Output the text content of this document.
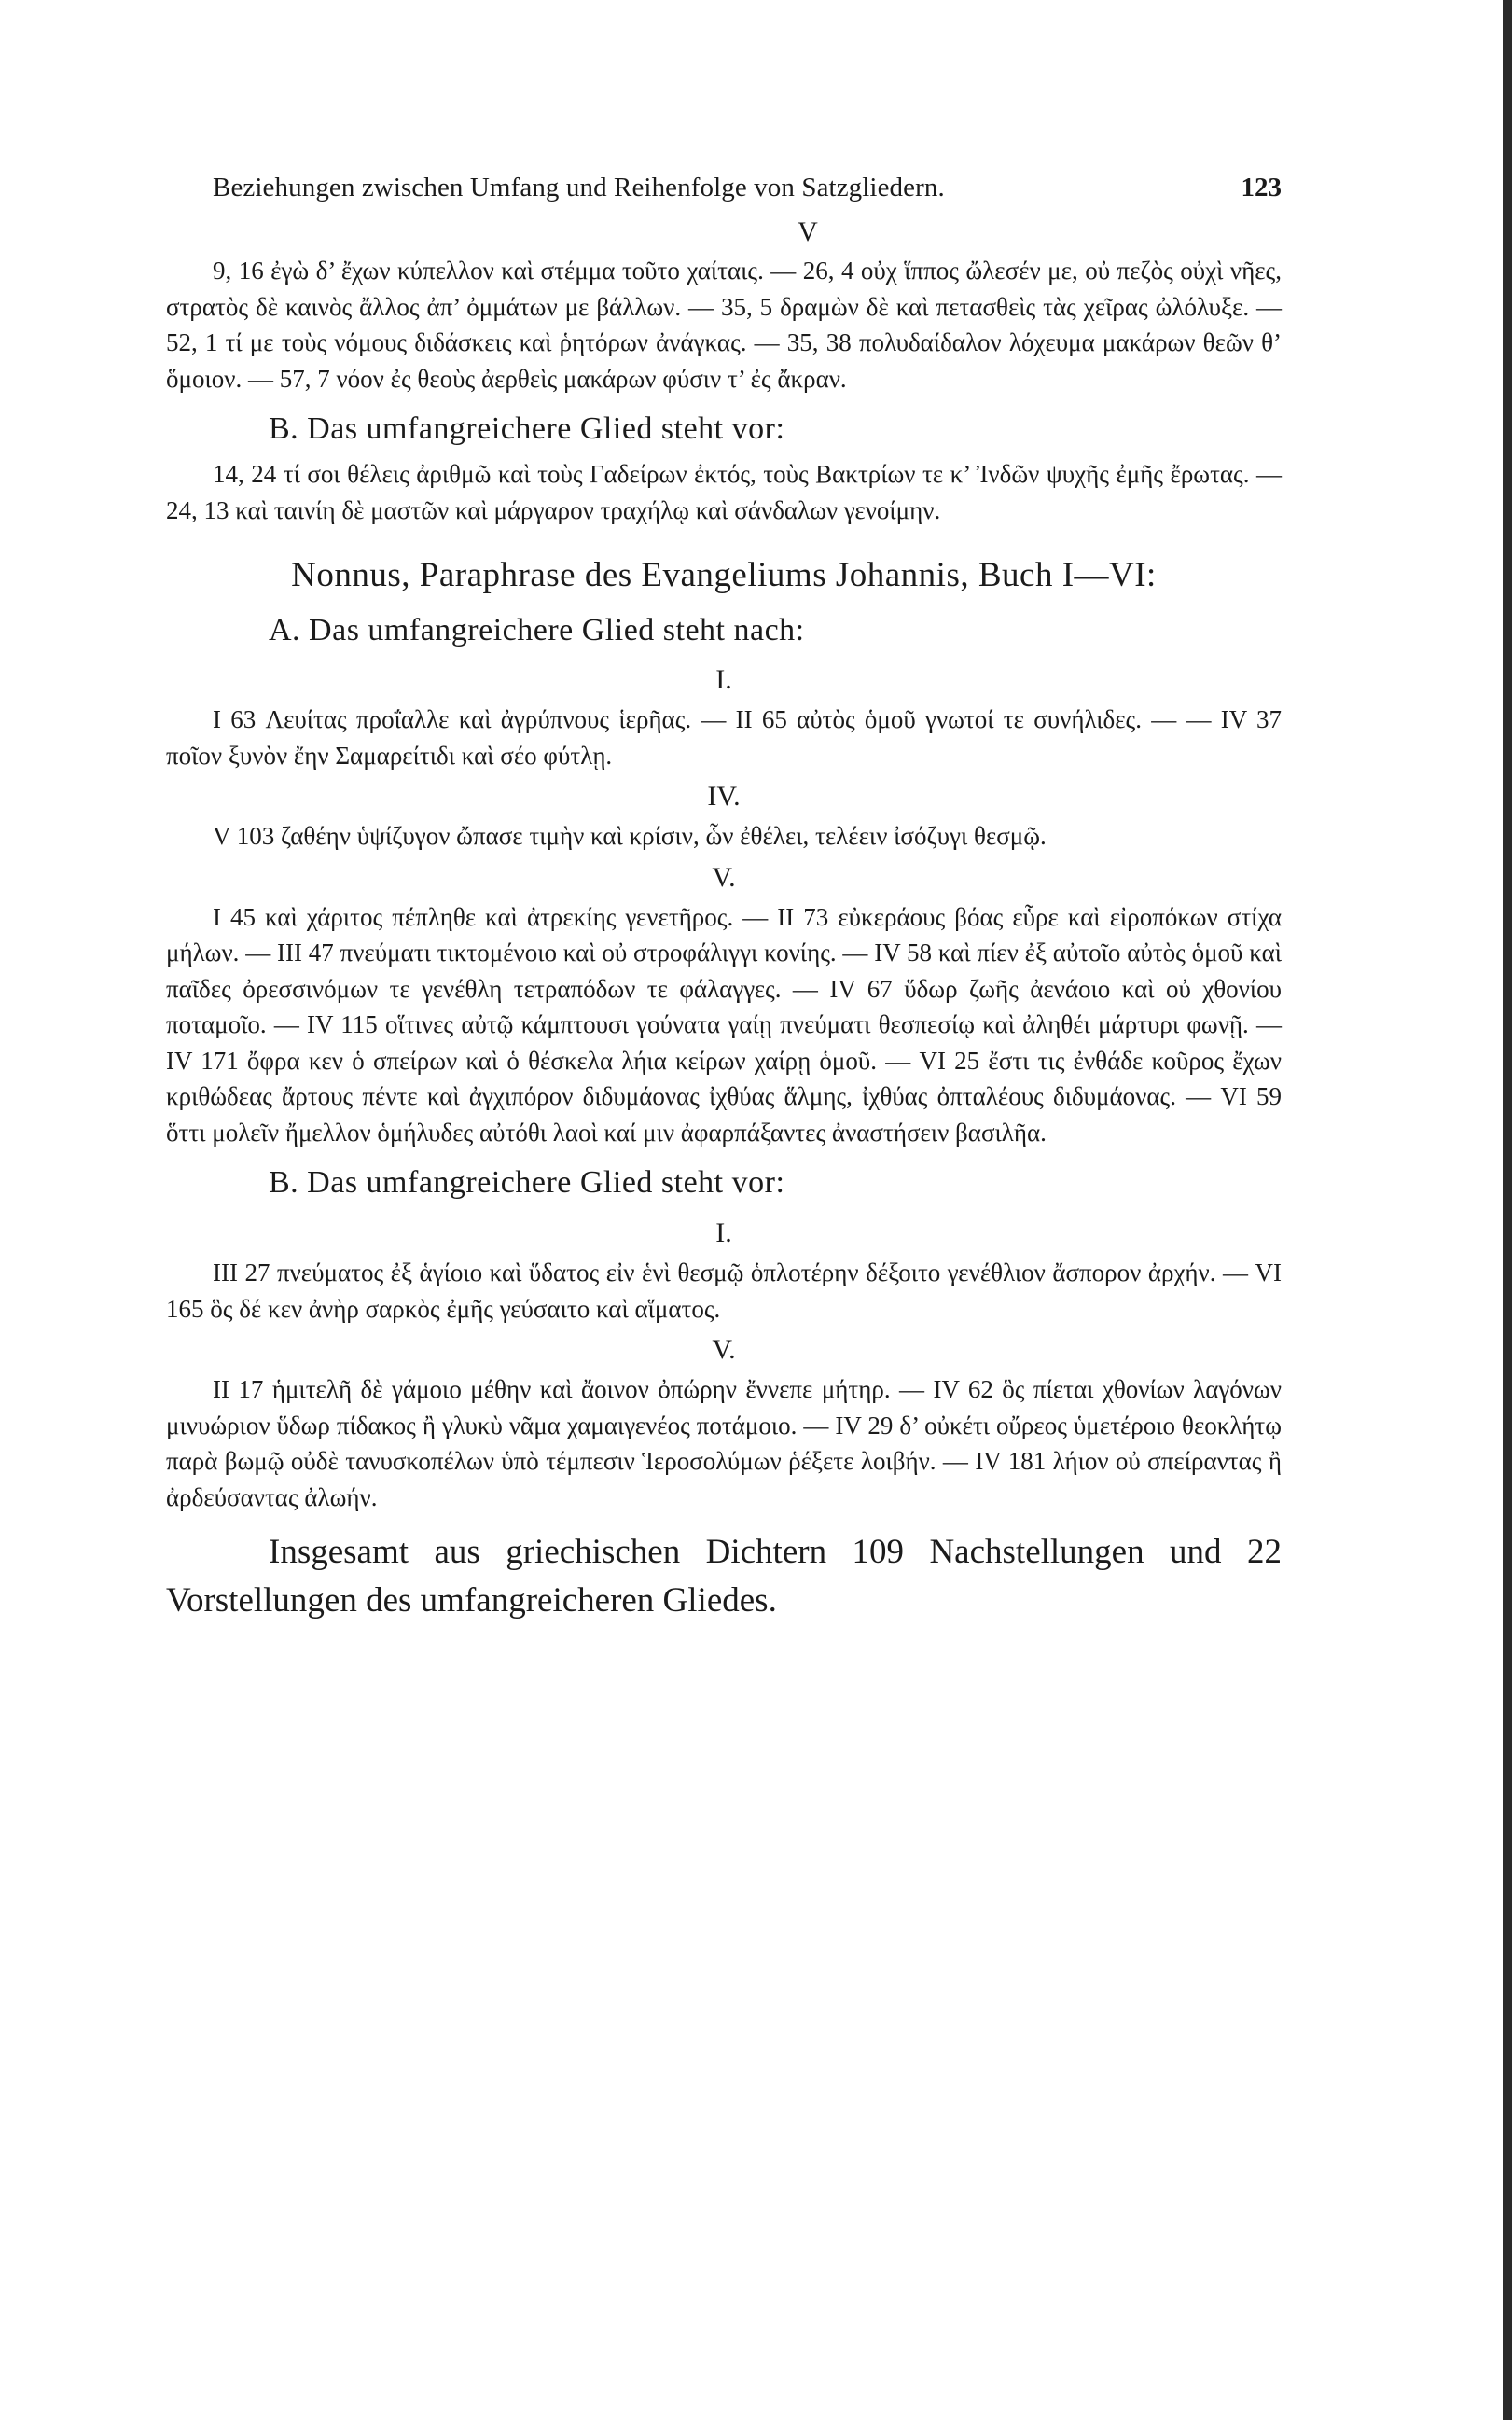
Beziehungen zwischen Umfang und Reihenfolge von Satzgliedern.	123
V

9, 16 ἐγὼ δ’ ἔχων κύπελλον καὶ στέμμα τοῦτο χαίταις. — 26, 4 οὐχ ἵππος ὤλεσέν με, οὐ πεζὸς οὐχὶ νῆες, στρατὸς δὲ καινὸς ἄλλος ἀπ’ ὀμμάτων με βάλλων. — 35, 5 δραμὼν δὲ καὶ πετασθεὶς τὰς χεῖρας ὠλόλυξε. — 52, 1 τί με τοὺς νόμους διδάσκεις καὶ ῥητόρων ἀνάγκας. — 35, 38 πολυδαίδαλον λόχευμα μακάρων θεῶν θ’ ὅμοιον. — 57, 7 νόον ἐς θεοὺς ἀερθεὶς μακάρων φύσιν τ’ ἐς ἄκραν.

B. Das umfangreichere Glied steht vor:

14, 24 τί σοι θέλεις ἀριθμῶ καὶ τοὺς Γαδείρων ἐκτός, τοὺς Βακτρίων τε κ’ Ἰνδῶν ψυχῆς ἐμῆς ἔρωτας. — 24, 13 καὶ ταινίη δὲ μαστῶν καὶ μάργαρον τραχήλῳ καὶ σάνδαλων γενοίμην.

Nonnus, Paraphrase des Evangeliums Johannis, Buch I—VI:

A. Das umfangreichere Glied steht nach:

I.

I 63 Λευίτας προΐαλλε καὶ ἀγρύπνους ἱερῆας. — II 65 αὐτὸς ὁμοῦ γνωτοί τε συνήλιδες. — — IV 37 ποῖον ξυνὸν ἔην Σαμαρείτιδι καὶ σέο φύτλῃ.

IV.

V 103 ζαθέην ὑψίζυγον ὤπασε τιμὴν καὶ κρίσιν, ὧν ἐθέλει, τελέειν ἰσόζυγι θεσμῷ.

V.

I 45 καὶ χάριτος πέπληθε καὶ ἀτρεκίης γενετῆρος. — II 73 εὐκεράους βόας εὗρε καὶ εἰροπόκων στίχα μήλων. — III 47 πνεύματι τικτομένοιο καὶ οὐ στροφάλιγγι κονίης. — IV 58 καὶ πίεν ἐξ αὐτοῖο αὐτὸς ὁμοῦ καὶ παῖδες ὀρεσσινόμων τε γενέθλη τετραπόδων τε φάλαγγες. — IV 67 ὕδωρ ζωῆς ἀενάοιο καὶ οὐ χθονίου ποταμοῖο. — IV 115 οἵτινες αὐτῷ κάμπτουσι γούνατα γαίῃ πνεύματι θεσπεσίῳ καὶ ἀληθέι μάρτυρι φωνῇ. — IV 171 ὄφρα κεν ὁ σπείρων καὶ ὁ θέσκελα λήια κείρων χαίρῃ ὁμοῦ. — VI 25 ἔστι τις ἐνθάδε κοῦρος ἔχων κριθώδεας ἄρτους πέντε καὶ ἀγχιπόρον διδυμάονας ἰχθύας ἅλμης, ἰχθύας ὀπταλέους διδυμάονας. — VI 59 ὅττι μολεῖν ἤμελλον ὁμήλυδες αὐτόθι λαοὶ καί μιν ἀφαρπάξαντες ἀναστήσειν βασιλῆα.

B. Das umfangreichere Glied steht vor:

I.

III 27 πνεύματος ἐξ ἁγίοιο καὶ ὕδατος εἰν ἑνὶ θεσμῷ ὁπλοτέρην δέξοιτο γενέθλιον ἄσπορον ἀρχήν. — VI 165 ὃς δέ κεν ἀνὴρ σαρκὸς ἐμῆς γεύσαιτο καὶ αἵματος.

V.

II 17 ἡμιτελῆ δὲ γάμοιο μέθην καὶ ἄοινον ὀπώρην ἔννεπε μήτηρ. — IV 62 ὃς πίεται χθονίων λαγόνων μινυώριον ὕδωρ πίδακος ἢ γλυκὺ νᾶμα χαμαιγενέος ποτάμοιο. — IV 29 δ’ οὐκέτι οὔρεος ὑμετέροιο θεοκλήτῳ παρὰ βωμῷ οὐδὲ τανυσκοπέλων ὑπὸ τέμπεσιν Ἱεροσολύμων ῥέξετε λοιβήν. — IV 181 λήιον οὐ σπείραντας ἢ ἀρδεύσαντας ἀλωήν.

Insgesamt aus griechischen Dichtern 109 Nachstellungen und 22 Vorstellungen des umfangreicheren Gliedes.
